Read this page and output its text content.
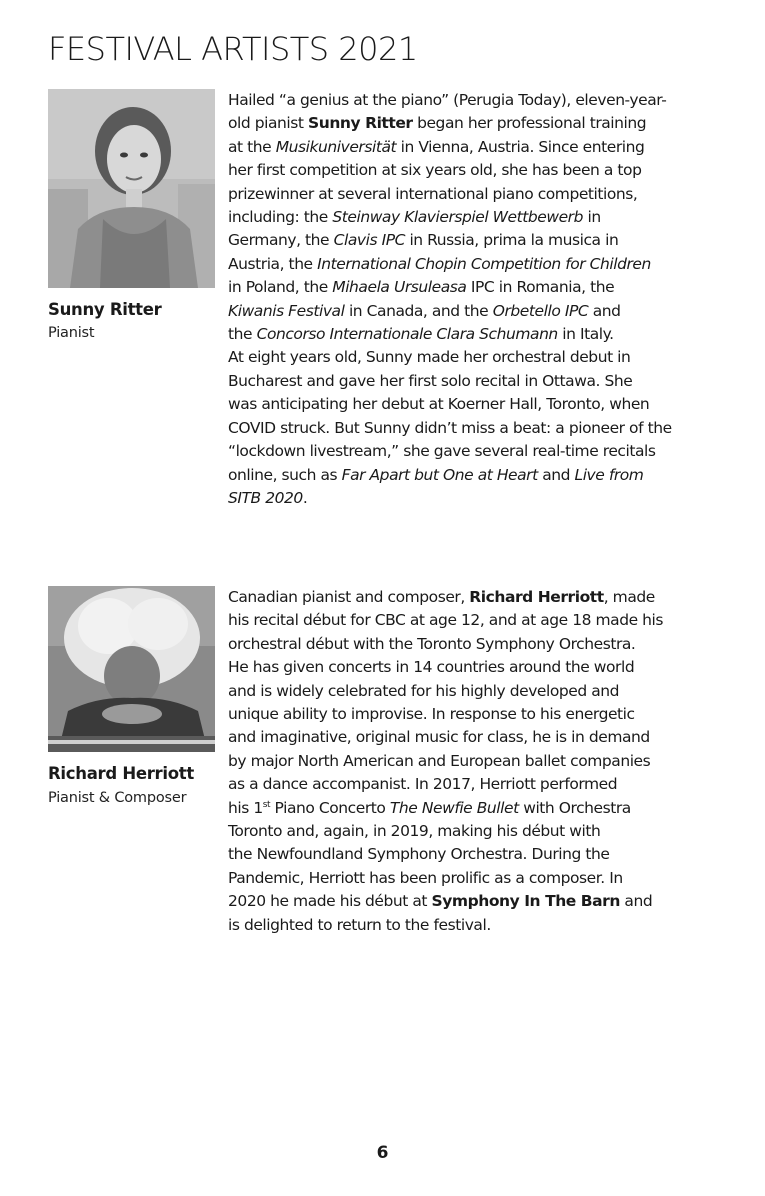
FESTIVAL ARTISTS 2021
Sunny Ritter
Pianist
Hailed “a genius at the piano” (Perugia Today), eleven-year-
old pianist Sunny Ritter began her professional training
at the Musikuniversität in Vienna, Austria. Since entering
her first competition at six years old, she has been a top
prizewinner at several international piano competitions,
including: the Steinway Klavierspiel Wettbewerb in
Germany, the Clavis IPC in Russia, prima la musica in
Austria, the International Chopin Competition for Children
in Poland, the Mihaela Ursuleasa IPC in Romania, the
Kiwanis Festival in Canada, and the Orbetello IPC and
the Concorso Internationale Clara Schumann in Italy.
At eight years old, Sunny made her orchestral debut in
Bucharest and gave her first solo recital in Ottawa. She
was anticipating her debut at Koerner Hall, Toronto, when
COVID struck. But Sunny didn’t miss a beat: a pioneer of the
“lockdown livestream,” she gave several real-time recitals
online, such as Far Apart but One at Heart and Live from
SITB 2020.
Richard Herriott
Pianist & Composer
Canadian pianist and composer, Richard Herriott, made
his recital début for CBC at age 12, and at age 18 made his
orchestral début with the Toronto Symphony Orchestra.
He has given concerts in 14 countries around the world
and is widely celebrated for his highly developed and
unique ability to improvise. In response to his energetic
and imaginative, original music for class, he is in demand
by major North American and European ballet companies
as a dance accompanist. In 2017, Herriott performed
his 1st Piano Concerto The Newfie Bullet with Orchestra
Toronto and, again, in 2019, making his début with
the Newfoundland Symphony Orchestra. During the
Pandemic, Herriott has been prolific as a composer. In
2020 he made his début at Symphony In The Barn and
is delighted to return to the festival.
6
